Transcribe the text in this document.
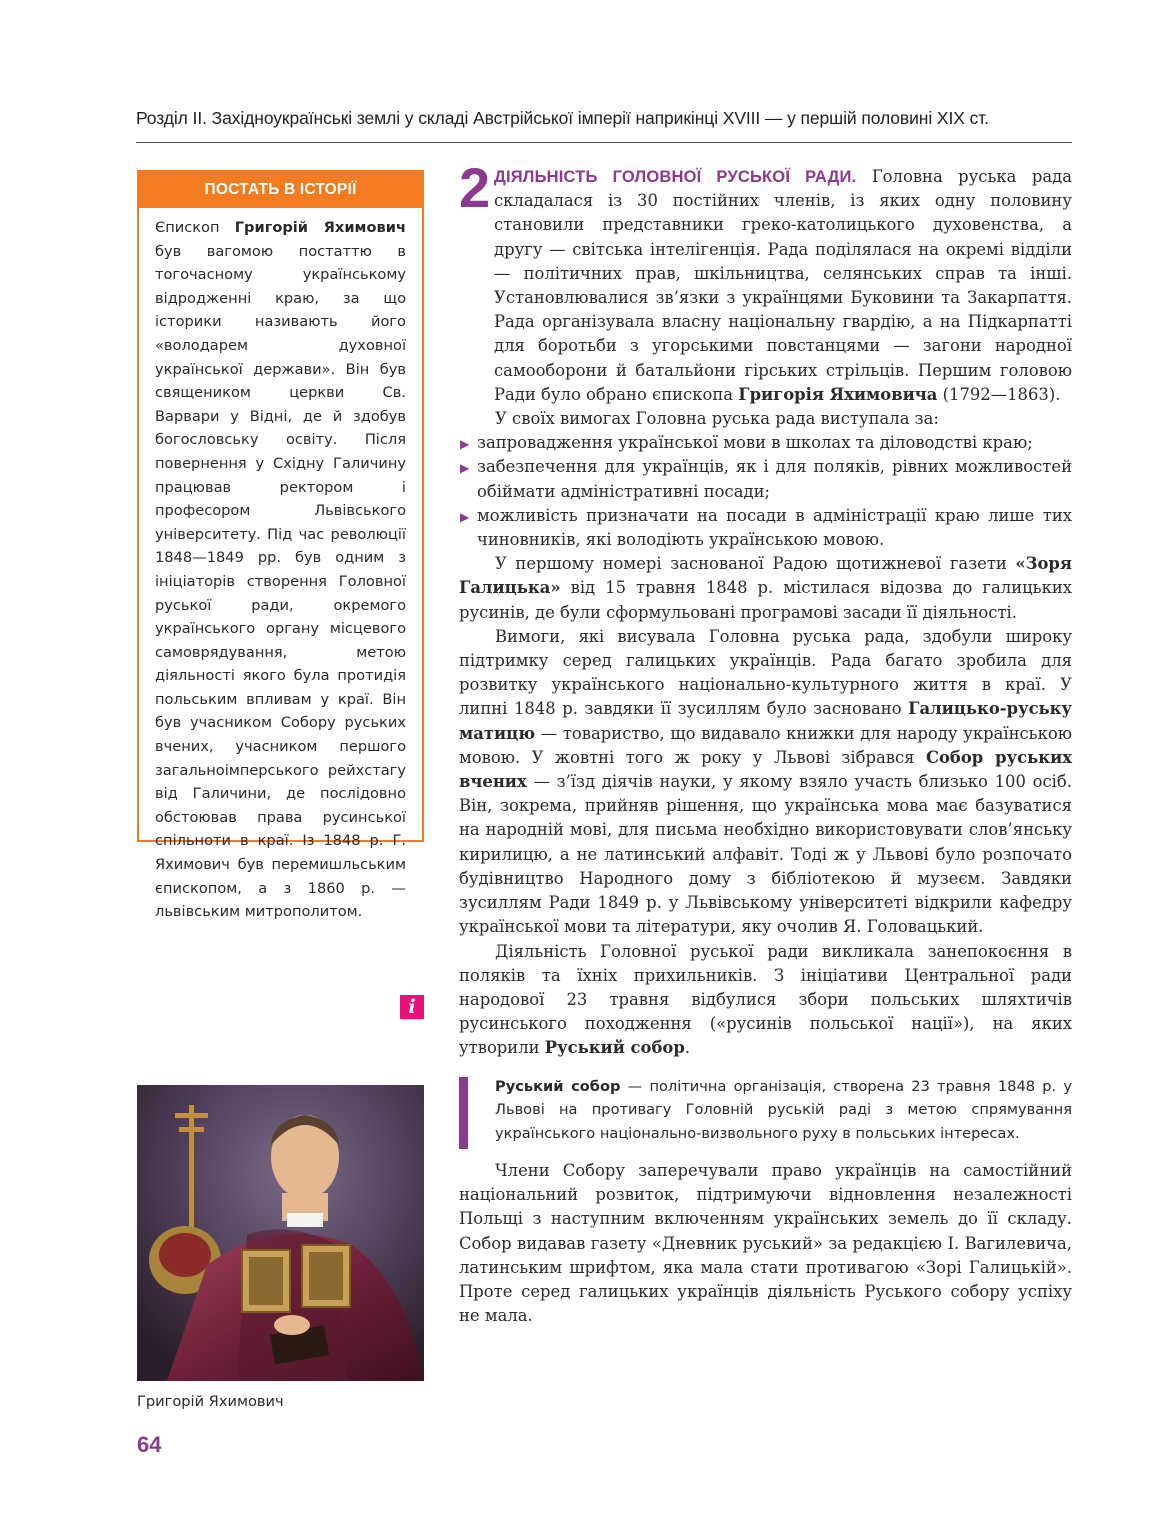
Розділ ІІ. Західноукраїнські землі у складі Австрійської імперії наприкінці XVIII — у першій половині XIX ст.
ПОСТАТЬ В ІСТОРІЇ
Єпископ Григорій Яхимович був вагомою постаттю в тогочасному українському відродженні краю, за що історики називають його «володарем духовної української держави». Він був священиком церкви Св. Варвари у Відні, де й здобув богословську освіту. Після повернення у Східну Галичину працював ректором і професором Львівського університету. Під час революції 1848—1849 рр. був одним з ініціаторів створення Головної руської ради, окремого українського органу місцевого самоврядування, метою діяльності якого була протидія польським впливам у краї. Він був учасником Собору руських вчених, учасником першого загальноімперського рейхстагу від Галичини, де послідовно обстоював права русинської спільноти в краї. Із 1848 р. Г. Яхимович був перемишльським єпископом, а з 1860 р. — львівським митрополитом.
i
Григорій Яхимович
64
2 ДІЯЛЬНІСТЬ ГОЛОВНОЇ РУСЬКОЇ РАДИ. Головна руська рада складалася із 30 постійних членів, із яких одну половину становили представники греко-католицького духовенства, а другу — світська інтелігенція. Рада поділялася на окремі відділи — політичних прав, шкільництва, селянських справ та інші. Установлювалися зв’язки з українцями Буковини та Закарпаття. Рада організувала власну національну гвардію, а на Підкарпатті для боротьби з угорськими повстанцями — загони народної самооборони й батальйони гірських стрільців. Першим головою Ради було обрано єпископа Григорія Яхимовича (1792—1863).

У своїх вимогах Головна руська рада виступала за:

▶ запровадження української мови в школах та діловодстві краю;

▶ забезпечення для українців, як і для поляків, рівних можливостей обіймати адміністративні посади;

▶ можливість призначати на посади в адміністрації краю лише тих чиновників, які володіють українською мовою.

У першому номері заснованої Радою щотижневої газети «Зоря Галицька» від 15 травня 1848 р. містилася відозва до галицьких русинів, де були сформульовані програмові засади її діяльності.

Вимоги, які висувала Головна руська рада, здобули широку підтримку серед галицьких українців. Рада багато зробила для розвитку українського національно-культурного життя в краї. У липні 1848 р. завдяки її зусиллям було засновано Галицько-руську матицю — товариство, що видавало книжки для народу українською мовою. У жовтні того ж року у Львові зібрався Собор руських вчених — з’їзд діячів науки, у якому взяло участь близько 100 осіб. Він, зокрема, прийняв рішення, що українська мова має базуватися на народній мові, для письма необхідно використовувати слов’янську кирилицю, а не латинський алфавіт. Тоді ж у Львові було розпочато будівництво Народного дому з бібліотекою й музеєм. Завдяки зусиллям Ради 1849 р. у Львівському університеті відкрили кафедру української мови та літератури, яку очолив Я. Головацький.

Діяльність Головної руської ради викликала занепокоєння в поляків та їхніх прихильників. З ініціативи Центральної ради народової 23 травня відбулися збори польських шляхтичів русинського походження («русинів польської нації»), на яких утворили Руський собор.

Руський собор — політична організація, створена 23 травня 1848 р. у Львові на противагу Головній руській раді з метою спрямування українського національно-визвольного руху в польських інтересах.

Члени Собору заперечували право українців на самостійний національний розвиток, підтримуючи відновлення незалежності Польщі з наступним включенням українських земель до її складу. Собор видавав газету «Дневник руський» за редакцією І. Вагилевича, латинським шрифтом, яка мала стати противагою «Зорі Галицькій». Проте серед галицьких українців діяльність Руського собору успіху не мала.
